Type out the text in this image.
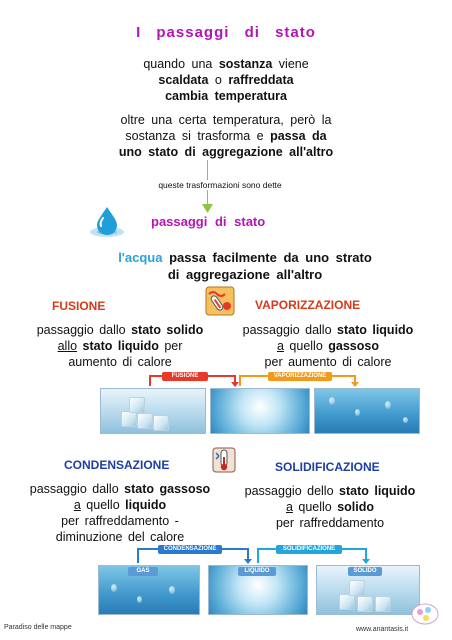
I passaggi di stato
quando una sostanza viene
scaldata o raffreddata
cambia temperatura
oltre una certa temperatura, però la
sostanza si trasforma e passa da
uno stato di aggregazione all'altro
queste trasformazioni sono dette
passaggi di stato
l'acqua passa facilmente da uno strato
di aggregazione all'altro
FUSIONE
passaggio dallo stato solido
allo stato liquido per
aumento di calore
VAPORIZZAZIONE
passaggio dallo stato liquido
a quello gassoso
per aumento di calore
FUSIONE	VAPORIZZAZIONE
CONDENSAZIONE
passaggio dallo stato gassoso
a quello liquido
per raffreddamento -
diminuzione del calore
SOLIDIFICAZIONE
passaggio dello stato liquido
a quello solido
per raffreddamento
CONDENSAZIONE	SOLIDIFICAZIONE
GAS	LIQUIDO	SOLIDO
Paradiso delle mappe	www.anantasis.it
